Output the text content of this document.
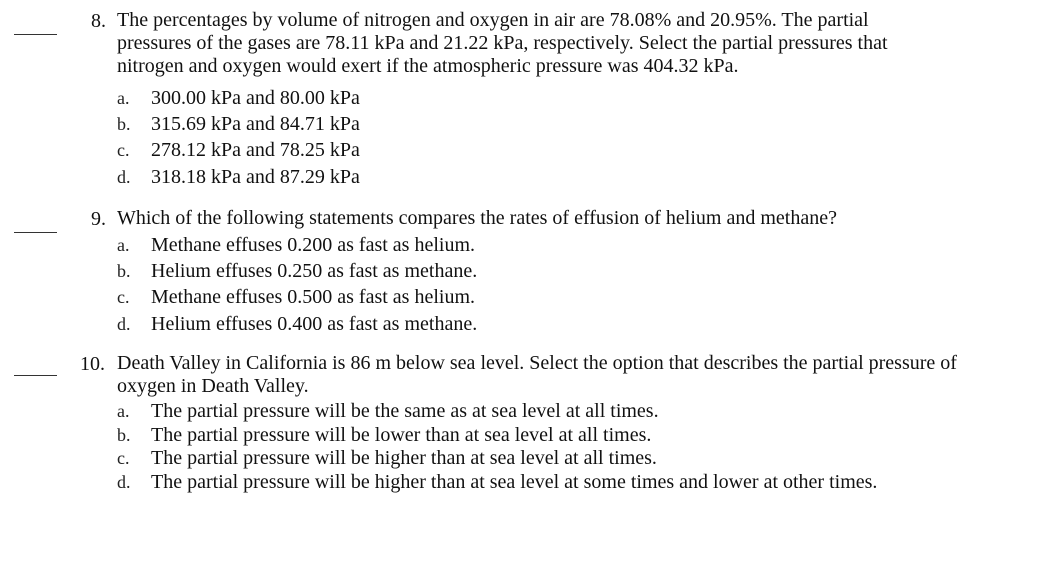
8. The percentages by volume of nitrogen and oxygen in air are 78.08% and 20.95%. The partial
pressures of the gases are 78.11 kPa and 21.22 kPa, respectively. Select the partial pressures that
nitrogen and oxygen would exert if the atmospheric pressure was 404.32 kPa.
a.	300.00 kPa and 80.00 kPa
b.	315.69 kPa and 84.71 kPa
c.	278.12 kPa and 78.25 kPa
d.	318.18 kPa and 87.29 kPa
9. Which of the following statements compares the rates of effusion of helium and methane?
a.	Methane effuses 0.200 as fast as helium.
b.	Helium effuses 0.250 as fast as methane.
c.	Methane effuses 0.500 as fast as helium.
d.	Helium effuses 0.400 as fast as methane.
10. Death Valley in California is 86 m below sea level. Select the option that describes the partial pressure of
oxygen in Death Valley.
a.	The partial pressure will be the same as at sea level at all times.
b.	The partial pressure will be lower than at sea level at all times.
c.	The partial pressure will be higher than at sea level at all times.
d.	The partial pressure will be higher than at sea level at some times and lower at other times.
